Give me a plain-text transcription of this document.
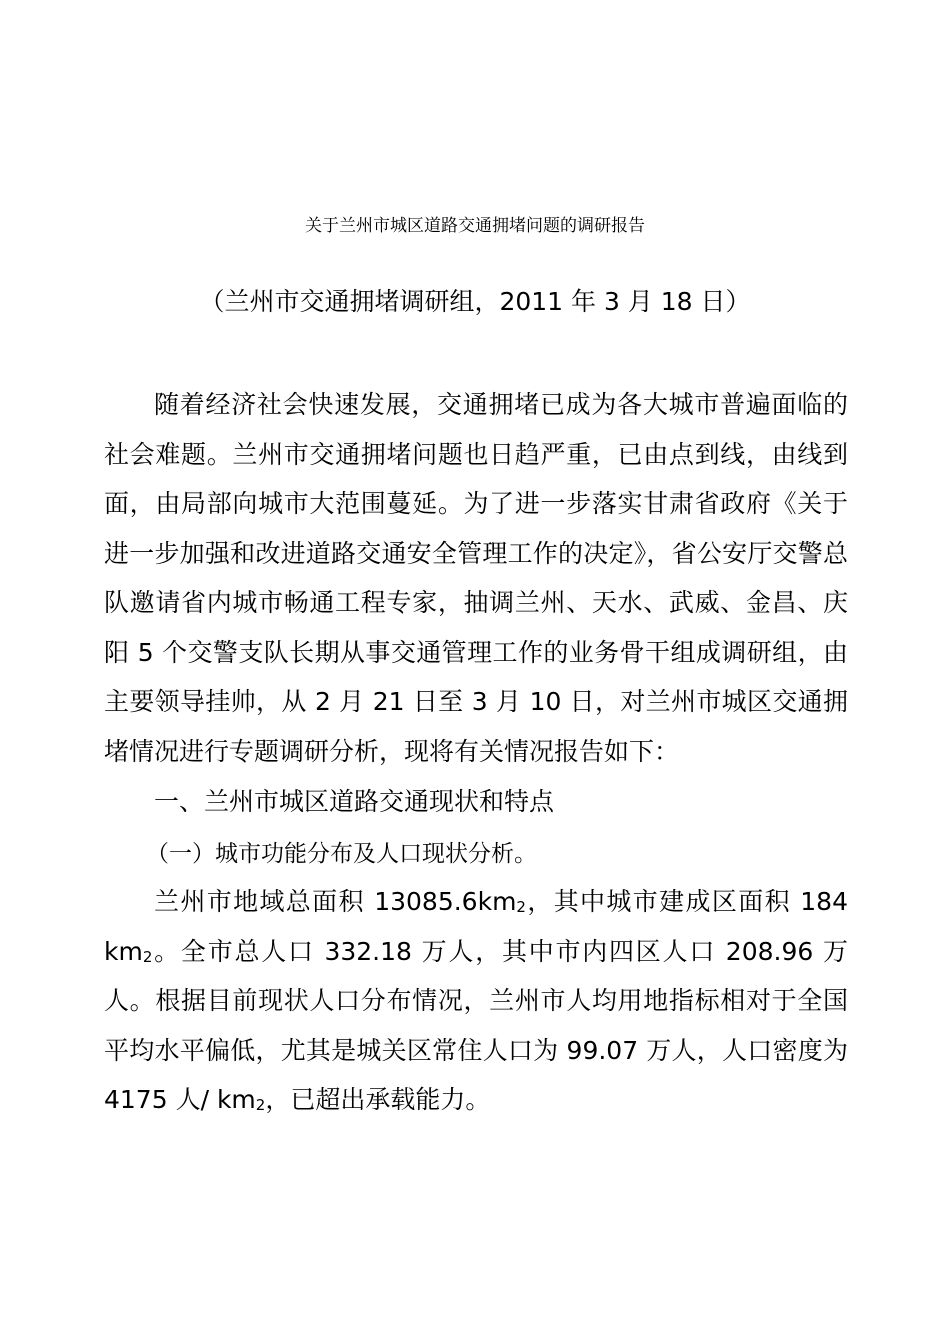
关于兰州市城区道路交通拥堵问题的调研报告
（兰州市交通拥堵调研组，2011 年 3 月 18 日）

随着经济社会快速发展，交通拥堵已成为各大城市普遍面临的社会难题。兰州市交通拥堵问题也日趋严重，已由点到线，由线到面，由局部向城市大范围蔓延。为了进一步落实甘肃省政府《关于进一步加强和改进道路交通安全管理工作的决定》，省公安厅交警总队邀请省内城市畅通工程专家，抽调兰州、天水、武威、金昌、庆阳 5 个交警支队长期从事交通管理工作的业务骨干组成调研组，由主要领导挂帅，从 2 月 21 日至 3 月 10 日，对兰州市城区交通拥堵情况进行专题调研分析，现将有关情况报告如下：

一、兰州市城区道路交通现状和特点

（一）城市功能分布及人口现状分析。

兰州市地域总面积 $13085.6km_2$，其中城市建成区面积 184 $km_2$。全市总人口 332.18 万人，其中市内四区人口 208.96 万人。根据目前现状人口分布情况，兰州市人均用地指标相对于全国平均水平偏低，尤其是城关区常住人口为 99.07 万人，人口密度为 4175 人/ $km_2$，已超出承载能力。
